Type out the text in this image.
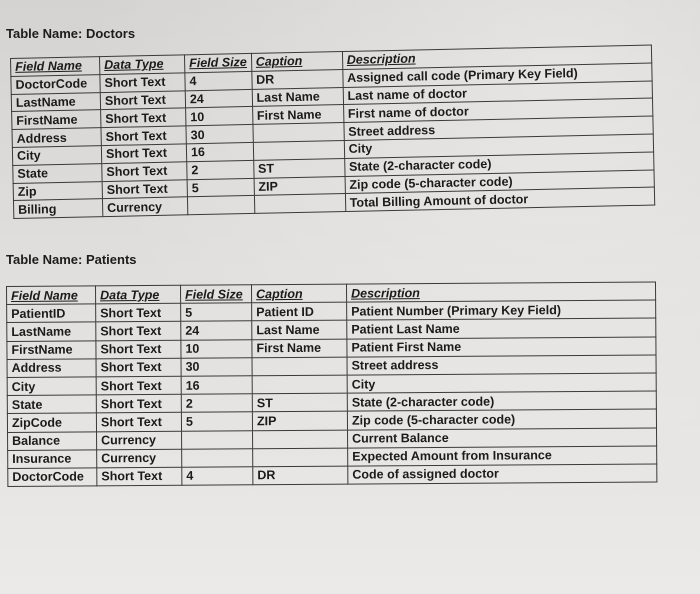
Table Name: Doctors
Field Name	Data Type	Field Size	Caption	Description
DoctorCode	Short Text	4	DR	Assigned call code (Primary Key Field)
LastName	Short Text	24	Last Name	Last name of doctor
FirstName	Short Text	10	First Name	First name of doctor
Address	Short Text	30		Street address
City	Short Text	16		City
State	Short Text	2	ST	State (2-character code)
Zip	Short Text	5	ZIP	Zip code (5-character code)
Billing	Currency			Total Billing Amount of doctor
Table Name: Patients
Field Name	Data Type	Field Size	Caption	Description
PatientID	Short Text	5	Patient ID	Patient Number (Primary Key Field)
LastName	Short Text	24	Last Name	Patient Last Name
FirstName	Short Text	10	First Name	Patient First Name
Address	Short Text	30		Street address
City	Short Text	16		City
State	Short Text	2	ST	State (2-character code)
ZipCode	Short Text	5	ZIP	Zip code (5-character code)
Balance	Currency			Current Balance
Insurance	Currency			Expected Amount from Insurance
DoctorCode	Short Text	4	DR	Code of assigned doctor
